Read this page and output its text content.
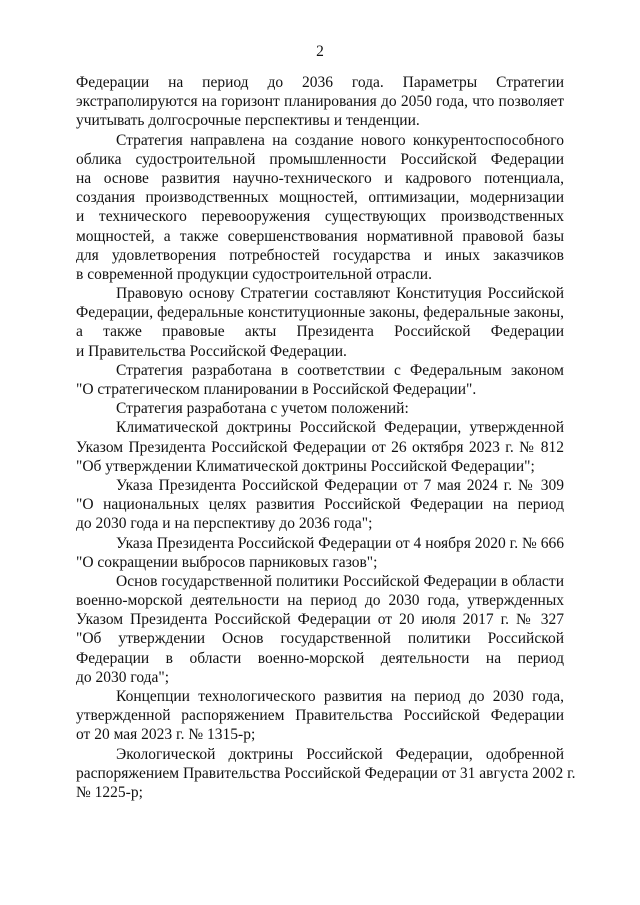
2
Федерации на период до 2036 года. Параметры Стратегии
экстраполируются на горизонт планирования до 2050 года, что позволяет
учитывать долгосрочные перспективы и тенденции.
Стратегия направлена на создание нового конкурентоспособного
облика судостроительной промышленности Российской Федерации
на основе развития научно-технического и кадрового потенциала,
создания производственных мощностей, оптимизации, модернизации
и технического перевооружения существующих производственных
мощностей, а также совершенствования нормативной правовой базы
для удовлетворения потребностей государства и иных заказчиков
в современной продукции судостроительной отрасли.
Правовую основу Стратегии составляют Конституция Российской
Федерации, федеральные конституционные законы, федеральные законы,
а также правовые акты Президента Российской Федерации
и Правительства Российской Федерации.
Стратегия разработана в соответствии с Федеральным законом
"О стратегическом планировании в Российской Федерации".
Стратегия разработана с учетом положений:
Климатической доктрины Российской Федерации, утвержденной
Указом Президента Российской Федерации от 26 октября 2023 г. № 812
"Об утверждении Климатической доктрины Российской Федерации";
Указа Президента Российской Федерации от 7 мая 2024 г. № 309
"О национальных целях развития Российской Федерации на период
до 2030 года и на перспективу до 2036 года";
Указа Президента Российской Федерации от 4 ноября 2020 г. № 666
"О сокращении выбросов парниковых газов";
Основ государственной политики Российской Федерации в области
военно-морской деятельности на период до 2030 года, утвержденных
Указом Президента Российской Федерации от 20 июля 2017 г. № 327
"Об утверждении Основ государственной политики Российской
Федерации в области военно-морской деятельности на период
до 2030 года";
Концепции технологического развития на период до 2030 года,
утвержденной распоряжением Правительства Российской Федерации
от 20 мая 2023 г. № 1315-р;
Экологической доктрины Российской Федерации, одобренной
распоряжением Правительства Российской Федерации от 31 августа 2002 г.
№ 1225-р;
